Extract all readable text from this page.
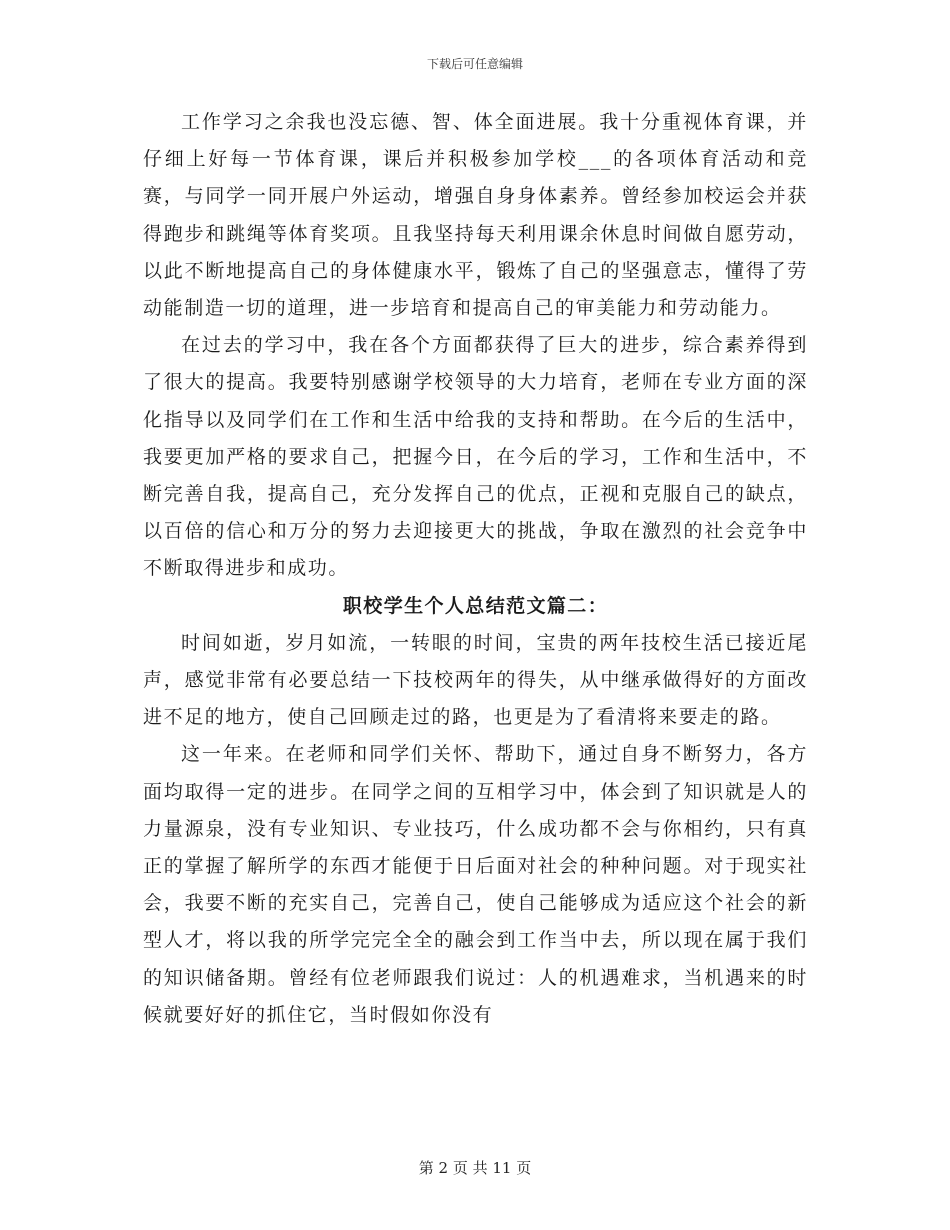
下载后可任意编辑

工作学习之余我也没忘德、智、体全面进展。我十分重视体育课，并仔细上好每一节体育课，课后并积极参加学校___的各项体育活动和竞赛，与同学一同开展户外运动，增强自身身体素养。曾经参加校运会并获得跑步和跳绳等体育奖项。且我坚持每天利用课余休息时间做自愿劳动，以此不断地提高自己的身体健康水平，锻炼了自己的坚强意志，懂得了劳动能制造一切的道理，进一步培育和提高自己的审美能力和劳动能力。

在过去的学习中，我在各个方面都获得了巨大的进步，综合素养得到了很大的提高。我要特别感谢学校领导的大力培育，老师在专业方面的深化指导以及同学们在工作和生活中给我的支持和帮助。在今后的生活中，我要更加严格的要求自己，把握今日，在今后的学习，工作和生活中，不断完善自我，提高自己，充分发挥自己的优点，正视和克服自己的缺点，以百倍的信心和万分的努力去迎接更大的挑战，争取在激烈的社会竞争中不断取得进步和成功。

职校学生个人总结范文篇二：

时间如逝，岁月如流，一转眼的时间，宝贵的两年技校生活已接近尾声，感觉非常有必要总结一下技校两年的得失，从中继承做得好的方面改进不足的地方，使自己回顾走过的路，也更是为了看清将来要走的路。

这一年来。在老师和同学们关怀、帮助下，通过自身不断努力，各方面均取得一定的进步。在同学之间的互相学习中，体会到了知识就是人的力量源泉，没有专业知识、专业技巧，什么成功都不会与你相约，只有真正的掌握了解所学的东西才能便于日后面对社会的种种问题。对于现实社会，我要不断的充实自己，完善自己，使自己能够成为适应这个社会的新型人才，将以我的所学完完全全的融会到工作当中去，所以现在属于我们的知识储备期。曾经有位老师跟我们说过：人的机遇难求，当机遇来的时候就要好好的抓住它，当时假如你没有

第 2 页 共 11 页
